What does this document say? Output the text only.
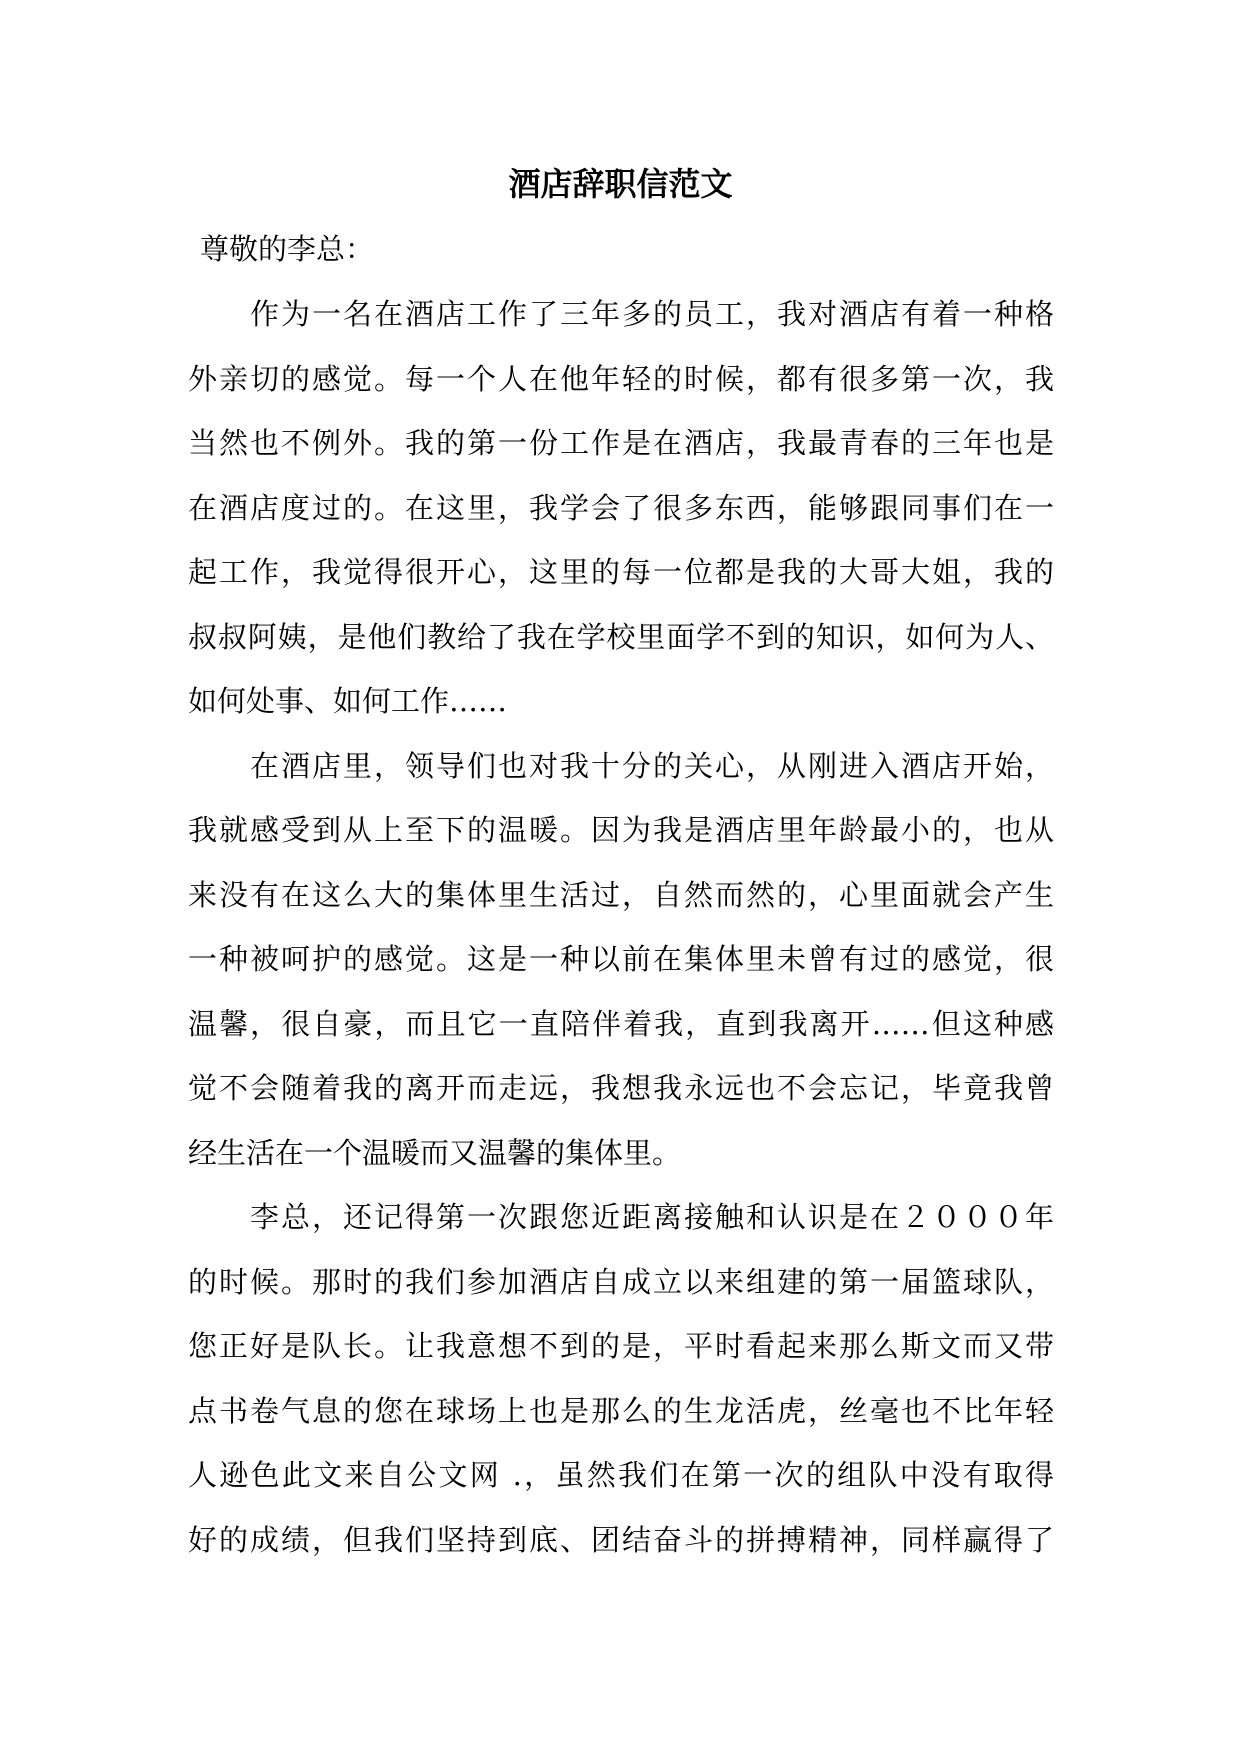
酒店辞职信范文

尊敬的李总：

作为一名在酒店工作了三年多的员工，我对酒店有着一种格
外亲切的感觉。每一个人在他年轻的时候，都有很多第一次，我
当然也不例外。我的第一份工作是在酒店，我最青春的三年也是
在酒店度过的。在这里，我学会了很多东西，能够跟同事们在一
起工作，我觉得很开心，这里的每一位都是我的大哥大姐，我的
叔叔阿姨，是他们教给了我在学校里面学不到的知识，如何为人、
如何处事、如何工作……

在酒店里，领导们也对我十分的关心，从刚进入酒店开始，
我就感受到从上至下的温暖。因为我是酒店里年龄最小的，也从
来没有在这么大的集体里生活过，自然而然的，心里面就会产生
一种被呵护的感觉。这是一种以前在集体里未曾有过的感觉，很
温馨，很自豪，而且它一直陪伴着我，直到我离开……但这种感
觉不会随着我的离开而走远，我想我永远也不会忘记，毕竟我曾
经生活在一个温暖而又温馨的集体里。

李总，还记得第一次跟您近距离接触和认识是在２０００年
的时候。那时的我们参加酒店自成立以来组建的第一届篮球队，
您正好是队长。让我意想不到的是，平时看起来那么斯文而又带
点书卷气息的您在球场上也是那么的生龙活虎，丝毫也不比年轻
人逊色此文来自公文网 .，虽然我们在第一次的组队中没有取得
好的成绩，但我们坚持到底、团结奋斗的拼搏精神，同样赢得了
